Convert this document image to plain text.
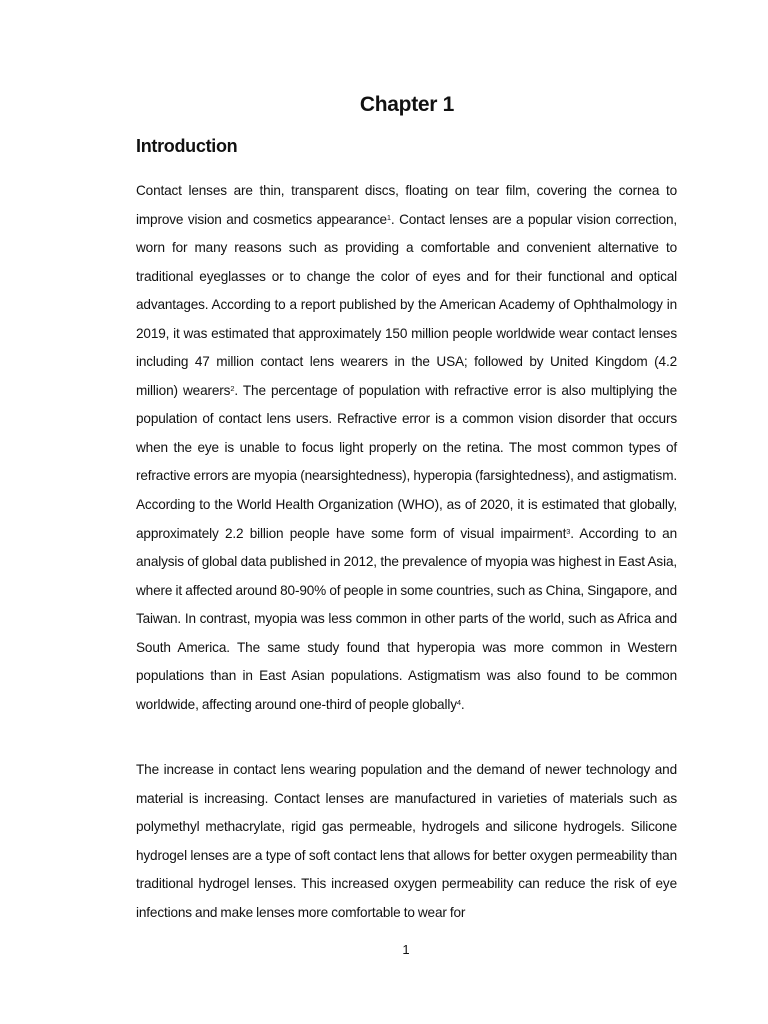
Chapter 1
Introduction

Contact lenses are thin, transparent discs, floating on tear film, covering the cornea to improve vision and cosmetics appearance$^1$. Contact lenses are a popular vision correction, worn for many reasons such as providing a comfortable and convenient alternative to traditional eyeglasses or to change the color of eyes and for their functional and optical advantages. According to a report published by the American Academy of Ophthalmology in 2019, it was estimated that approximately 150 million people worldwide wear contact lenses including 47 million contact lens wearers in the USA; followed by United Kingdom (4.2 million) wearers$^2$. The percentage of population with refractive error is also multiplying the population of contact lens users. Refractive error is a common vision disorder that occurs when the eye is unable to focus light properly on the retina. The most common types of refractive errors are myopia (nearsightedness), hyperopia (farsightedness), and astigmatism. According to the World Health Organization (WHO), as of 2020, it is estimated that globally, approximately 2.2 billion people have some form of visual impairment$^3$. According to an analysis of global data published in 2012, the prevalence of myopia was highest in East Asia, where it affected around 80-90% of people in some countries, such as China, Singapore, and Taiwan. In contrast, myopia was less common in other parts of the world, such as Africa and South America. The same study found that hyperopia was more common in Western populations than in East Asian populations. Astigmatism was also found to be common worldwide, affecting around one-third of people globally$^4$.

The increase in contact lens wearing population and the demand of newer technology and material is increasing. Contact lenses are manufactured in varieties of materials such as polymethyl methacrylate, rigid gas permeable, hydrogels and silicone hydrogels. Silicone hydrogel lenses are a type of soft contact lens that allows for better oxygen permeability than traditional hydrogel lenses. This increased oxygen permeability can reduce the risk of eye infections and make lenses more comfortable to wear for

1
